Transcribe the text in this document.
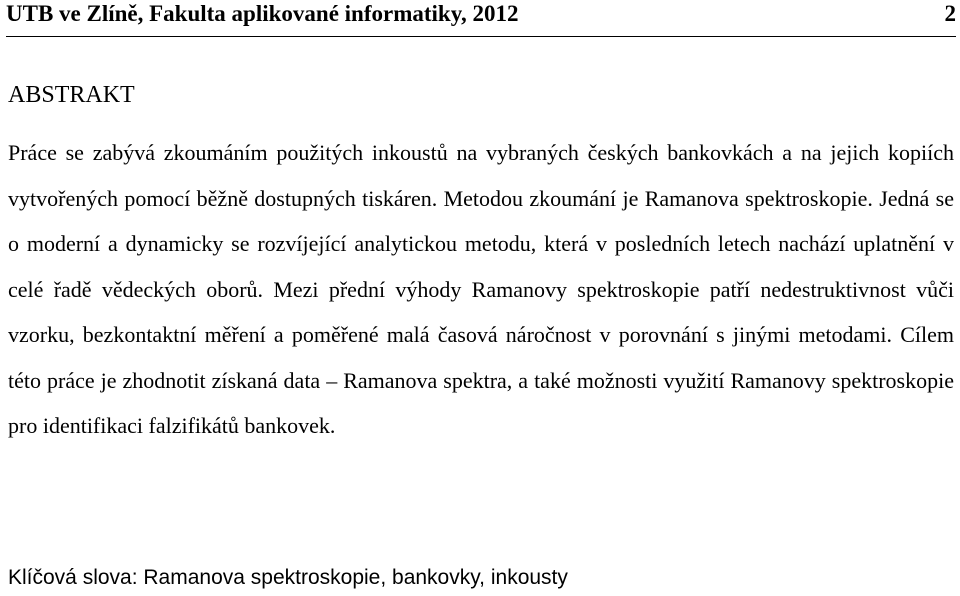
UTB ve Zlíně, Fakulta aplikované informatiky, 2012	2
ABSTRAKT

Práce se zabývá zkoumáním použitých inkoustů na vybraných českých bankovkách a na jejich kopiích vytvořených pomocí běžně dostupných tiskáren. Metodou zkoumání je Ramanova spektroskopie. Jedná se o moderní a dynamicky se rozvíjející analytickou metodu, která v posledních letech nachází uplatnění v celé řadě vědeckých oborů. Mezi přední výhody Ramanovy spektroskopie patří nedestruktivnost vůči vzorku, bezkontaktní měření a poměřené malá časová náročnost v porovnání s jinými metodami. Cílem této práce je zhodnotit získaná data – Ramanova spektra, a také možnosti využití Ramanovy spektroskopie pro identifikaci falzifikátů bankovek.

Klíčová slova: Ramanova spektroskopie, bankovky, inkousty
